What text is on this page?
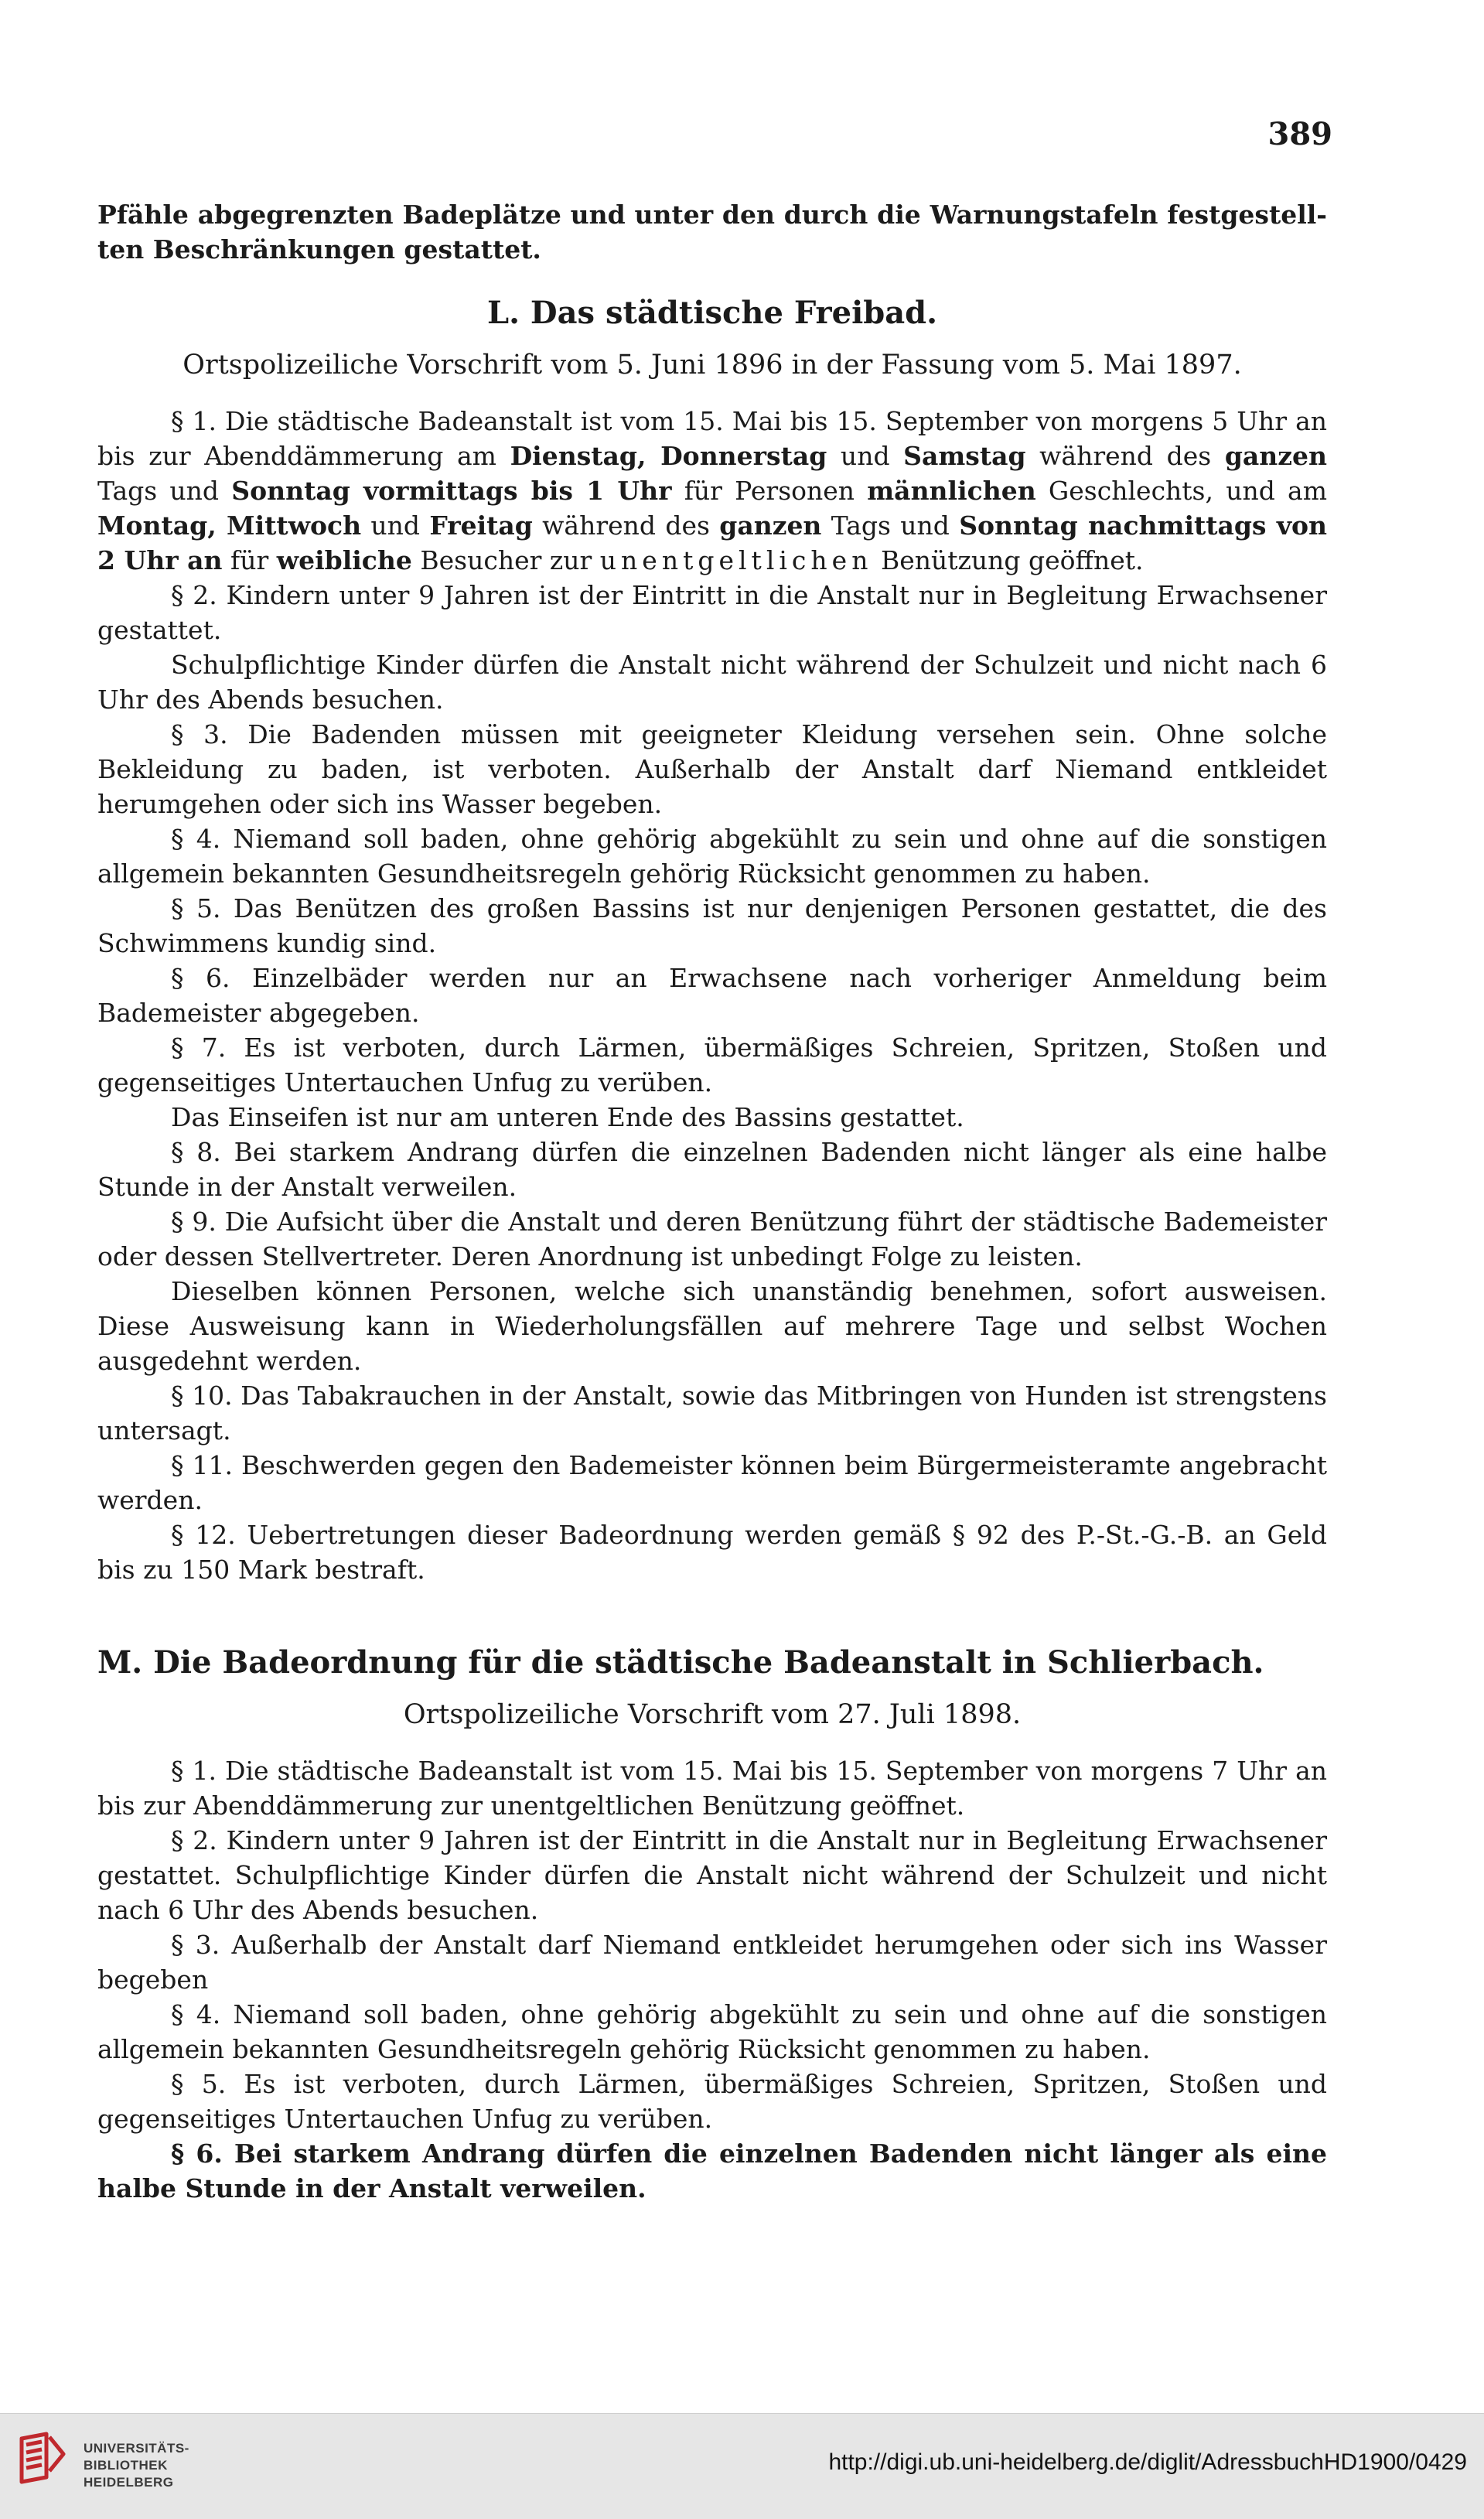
389

Pfähle abgegrenzten Badeplätze und unter den durch die Warnungstafeln festgestell- ten Beschränkungen gestattet.

L. Das städtische Freibad.

Ortspolizeiliche Vorschrift vom 5. Juni 1896 in der Fassung vom 5. Mai 1897.

§ 1. Die städtische Badeanstalt ist vom 15. Mai bis 15. September von morgens 5 Uhr an bis zur Abenddämmerung am Dienstag, Donnerstag und Samstag während des ganzen Tags und Sonntag vormittags bis 1 Uhr für Personen männlichen Geschlechts, und am Montag, Mittwoch und Freitag während des ganzen Tags und Sonntag nachmittags von 2 Uhr an für weibliche Besucher zur unentgeltlichen Benützung geöffnet.

§ 2. Kindern unter 9 Jahren ist der Eintritt in die Anstalt nur in Begleitung Erwachsener gestattet.

Schulpflichtige Kinder dürfen die Anstalt nicht während der Schulzeit und nicht nach 6 Uhr des Abends besuchen.

§ 3. Die Badenden müssen mit geeigneter Kleidung versehen sein. Ohne solche Bekleidung zu baden, ist verboten. Außerhalb der Anstalt darf Niemand entkleidet herumgehen oder sich ins Wasser begeben.

§ 4. Niemand soll baden, ohne gehörig abgekühlt zu sein und ohne auf die sonstigen allgemein bekannten Gesundheitsregeln gehörig Rücksicht genommen zu haben.

§ 5. Das Benützen des großen Bassins ist nur denjenigen Personen gestattet, die des Schwimmens kundig sind.

§ 6. Einzelbäder werden nur an Erwachsene nach vorheriger Anmeldung beim Bademeister abgegeben.

§ 7. Es ist verboten, durch Lärmen, übermäßiges Schreien, Spritzen, Stoßen und gegenseitiges Untertauchen Unfug zu verüben.

Das Einseifen ist nur am unteren Ende des Bassins gestattet.

§ 8. Bei starkem Andrang dürfen die einzelnen Badenden nicht länger als eine halbe Stunde in der Anstalt verweilen.

§ 9. Die Aufsicht über die Anstalt und deren Benützung führt der städtische Bademeister oder dessen Stellvertreter. Deren Anordnung ist unbedingt Folge zu leisten.

Dieselben können Personen, welche sich unanständig benehmen, sofort ausweisen. Diese Ausweisung kann in Wiederholungsfällen auf mehrere Tage und selbst Wochen ausgedehnt werden.

§ 10. Das Tabakrauchen in der Anstalt, sowie das Mitbringen von Hunden ist strengstens untersagt.

§ 11. Beschwerden gegen den Bademeister können beim Bürgermeisteramte angebracht werden.

§ 12. Uebertretungen dieser Badeordnung werden gemäß § 92 des P.-St.-G.-B. an Geld bis zu 150 Mark bestraft.

M. Die Badeordnung für die städtische Badeanstalt in Schlierbach.

Ortspolizeiliche Vorschrift vom 27. Juli 1898.

§ 1. Die städtische Badeanstalt ist vom 15. Mai bis 15. September von morgens 7 Uhr an bis zur Abenddämmerung zur unentgeltlichen Benützung geöffnet.

§ 2. Kindern unter 9 Jahren ist der Eintritt in die Anstalt nur in Begleitung Erwachsener gestattet. Schulpflichtige Kinder dürfen die Anstalt nicht während der Schulzeit und nicht nach 6 Uhr des Abends besuchen.

§ 3. Außerhalb der Anstalt darf Niemand entkleidet herumgehen oder sich ins Wasser begeben

§ 4. Niemand soll baden, ohne gehörig abgekühlt zu sein und ohne auf die sonstigen allgemein bekannten Gesundheitsregeln gehörig Rücksicht genommen zu haben.

§ 5. Es ist verboten, durch Lärmen, übermäßiges Schreien, Spritzen, Stoßen und gegenseitiges Untertauchen Unfug zu verüben.

§ 6. Bei starkem Andrang dürfen die einzelnen Badenden nicht länger als eine halbe Stunde in der Anstalt verweilen.

UNIVERSITÄTS-
BIBLIOTHEK
HEIDELBERG
http://digi.ub.uni-heidelberg.de/diglit/AdressbuchHD1900/0429
